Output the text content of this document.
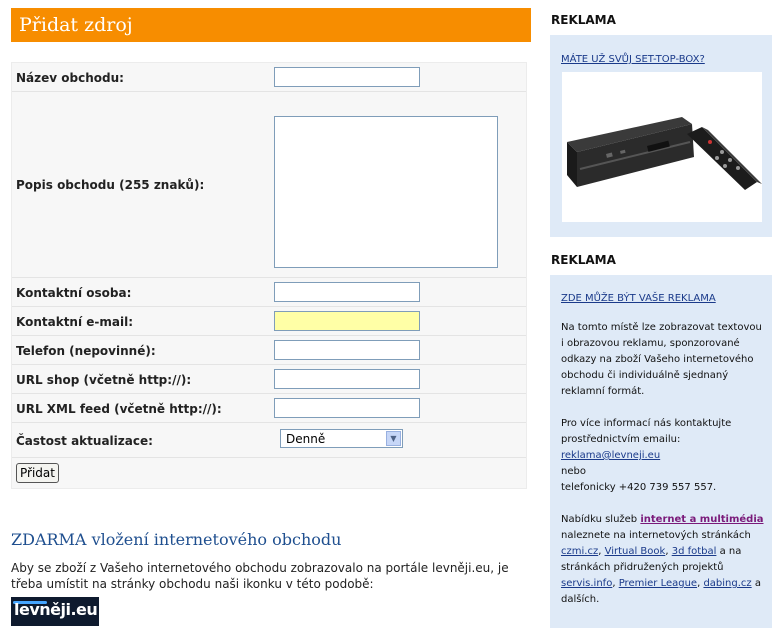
Přidat zdroj
Název obchodu:
Popis obchodu (255 znaků):
Kontaktní osoba:
Kontaktní e-mail:
Telefon (nepovinné):
URL shop (včetně http://):
URL XML feed (včetně http://):
Častost aktualizace:	Denně	▼
Přidat
ZDARMA vložení internetového obchodu

Aby se zboží z Vašeho internetového obchodu zobrazovalo na portále levněji.eu, je třeba umístit na stránky obchodu naši ikonku v této podobě:

levněji.eu
REKLAMA
MÁTE UŽ SVŮJ SET-TOP-BOX?
REKLAMA
ZDE MŮŽE BÝT VAŠE REKLAMA

Na tomto místě lze zobrazovat textovou i obrazovou reklamu, sponzorované odkazy na zboží Vašeho internetového obchodu či individuálně sjednaný reklamní formát.

Pro více informací nás kontaktujte prostřednictvím emailu:
reklama@levneji.eu
nebo
telefonicky +420 739 557 557.

Nabídku služeb internet a multimédia naleznete na internetových stránkách czmi.cz, Virtual Book, 3d fotbal a na stránkách přidružených projektů servis.info, Premier League, dabing.cz a dalších.
